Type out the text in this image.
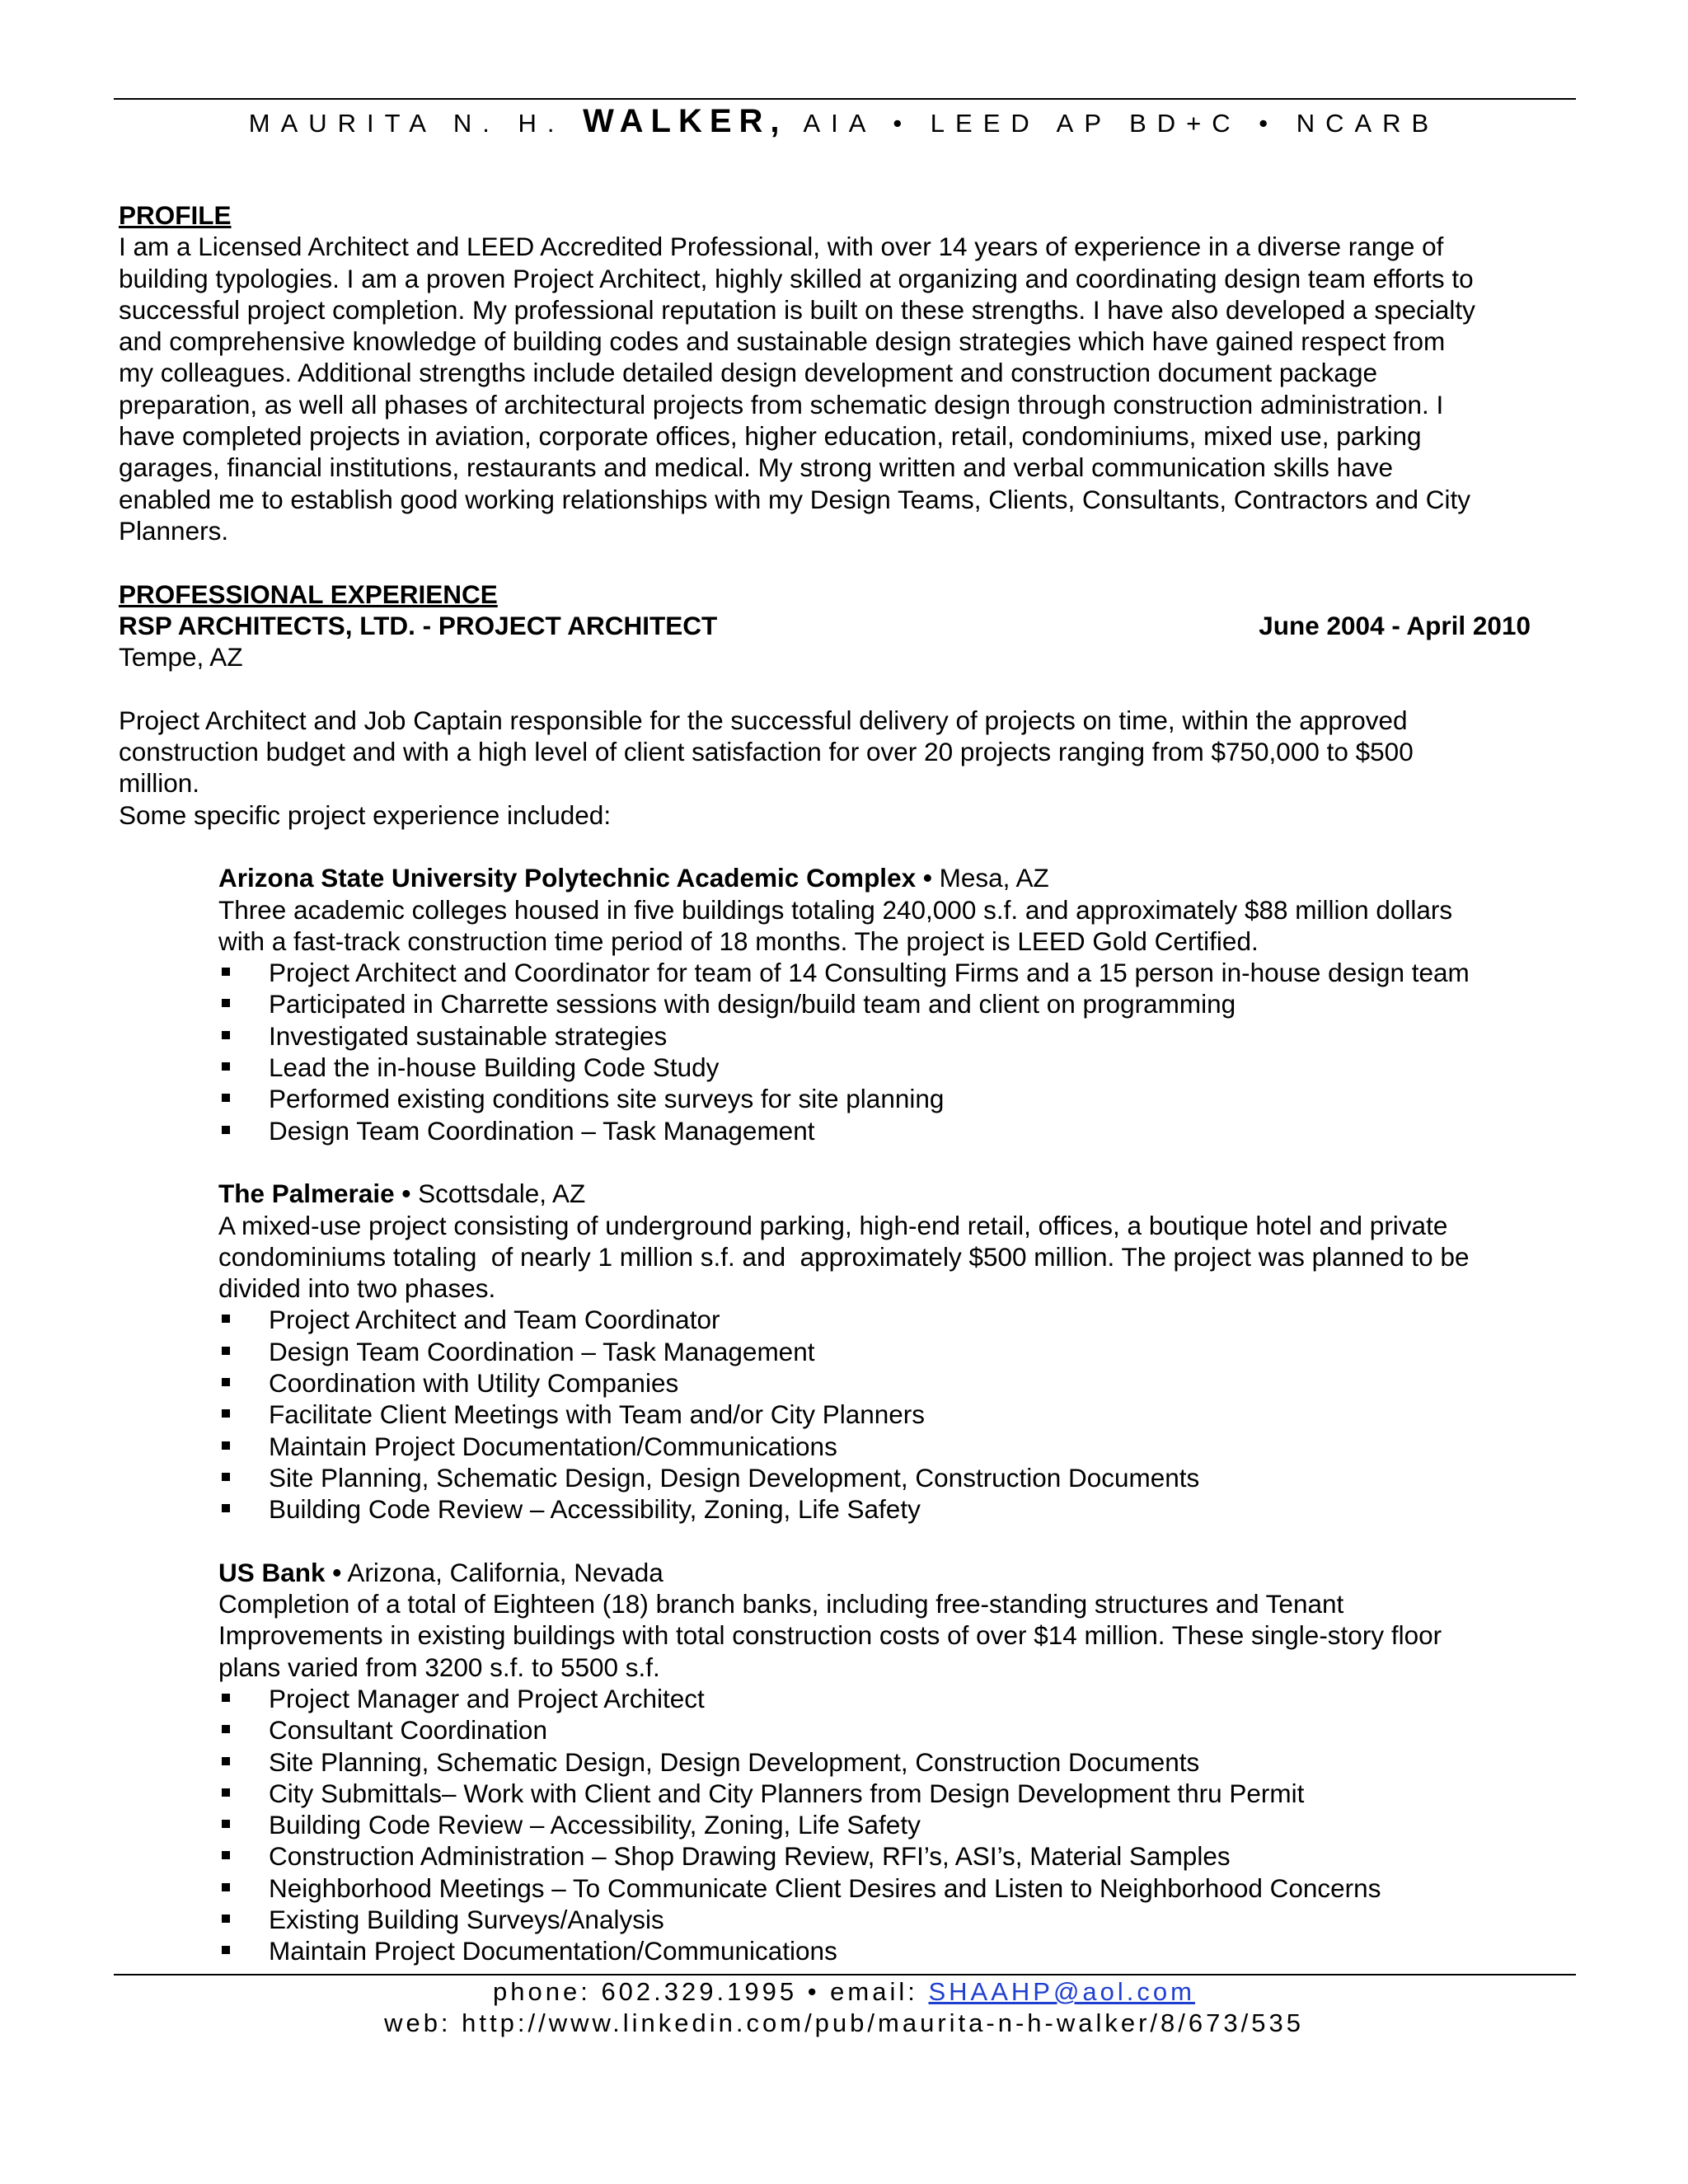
MAURITA N. H. WALKER, AIA • LEED AP BD+C • NCARB
PROFILE
I am a Licensed Architect and LEED Accredited Professional, with over 14 years of experience in a diverse range of
building typologies. I am a proven Project Architect, highly skilled at organizing and coordinating design team efforts to
successful project completion. My professional reputation is built on these strengths. I have also developed a specialty
and comprehensive knowledge of building codes and sustainable design strategies which have gained respect from
my colleagues. Additional strengths include detailed design development and construction document package
preparation, as well all phases of architectural projects from schematic design through construction administration. I
have completed projects in aviation, corporate offices, higher education, retail, condominiums, mixed use, parking
garages, financial institutions, restaurants and medical. My strong written and verbal communication skills have
enabled me to establish good working relationships with my Design Teams, Clients, Consultants, Contractors and City
Planners.
PROFESSIONAL EXPERIENCE
RSP ARCHITECTS, LTD. - PROJECT ARCHITECT	June 2004 - April 2010
Tempe, AZ
Project Architect and Job Captain responsible for the successful delivery of projects on time, within the approved
construction budget and with a high level of client satisfaction for over 20 projects ranging from $750,000 to $500
million.
Some specific project experience included:
Arizona State University Polytechnic Academic Complex • Mesa, AZ
Three academic colleges housed in five buildings totaling 240,000 s.f. and approximately $88 million dollars
with a fast-track construction time period of 18 months. The project is LEED Gold Certified.
Project Architect and Coordinator for team of 14 Consulting Firms and a 15 person in-house design team
Participated in Charrette sessions with design/build team and client on programming
Investigated sustainable strategies
Lead the in-house Building Code Study
Performed existing conditions site surveys for site planning
Design Team Coordination – Task Management
The Palmeraie • Scottsdale, AZ
A mixed-use project consisting of underground parking, high-end retail, offices, a boutique hotel and private
condominiums totaling  of nearly 1 million s.f. and  approximately $500 million. The project was planned to be
divided into two phases.
Project Architect and Team Coordinator
Design Team Coordination – Task Management
Coordination with Utility Companies
Facilitate Client Meetings with Team and/or City Planners
Maintain Project Documentation/Communications
Site Planning, Schematic Design, Design Development, Construction Documents
Building Code Review – Accessibility, Zoning, Life Safety
US Bank • Arizona, California, Nevada
Completion of a total of Eighteen (18) branch banks, including free-standing structures and Tenant
Improvements in existing buildings with total construction costs of over $14 million. These single-story floor
plans varied from 3200 s.f. to 5500 s.f.
Project Manager and Project Architect
Consultant Coordination
Site Planning, Schematic Design, Design Development, Construction Documents
City Submittals– Work with Client and City Planners from Design Development thru Permit
Building Code Review – Accessibility, Zoning, Life Safety
Construction Administration – Shop Drawing Review, RFI’s, ASI’s, Material Samples
Neighborhood Meetings – To Communicate Client Desires and Listen to Neighborhood Concerns
Existing Building Surveys/Analysis
Maintain Project Documentation/Communications
phone: 602.329.1995 • email: SHAAHP@aol.com
web: http://www.linkedin.com/pub/maurita-n-h-walker/8/673/535
